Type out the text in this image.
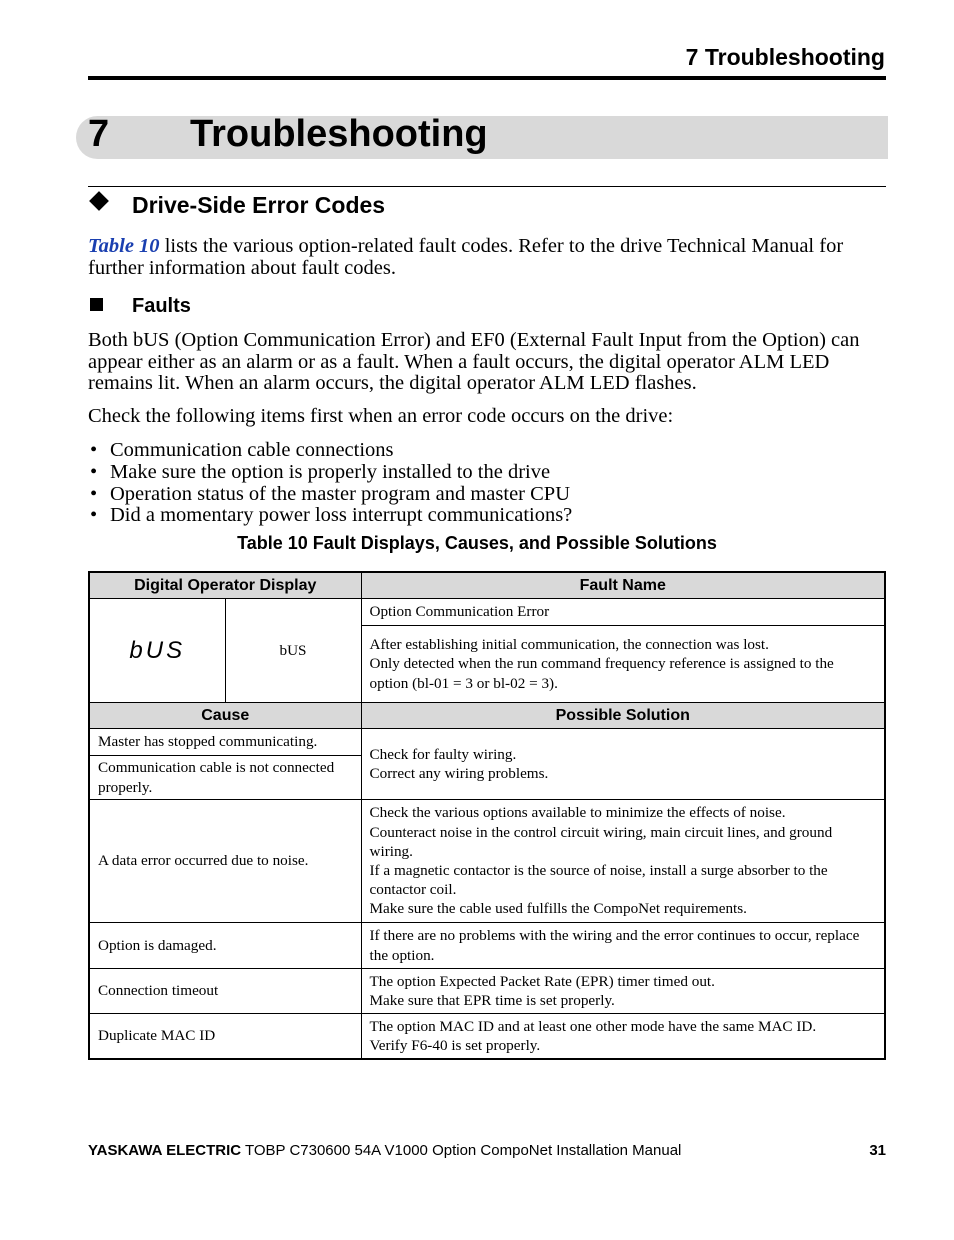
7 Troubleshooting
7 Troubleshooting
Drive-Side Error Codes
Table 10 lists the various option-related fault codes. Refer to the drive Technical Manual for further information about fault codes.
Faults
Both bUS (Option Communication Error) and EF0 (External Fault Input from the Option) can appear either as an alarm or as a fault. When a fault occurs, the digital operator ALM LED remains lit. When an alarm occurs, the digital operator ALM LED flashes.
Check the following items first when an error code occurs on the drive:
• Communication cable connections
• Make sure the option is properly installed to the drive
• Operation status of the master program and master CPU
• Did a momentary power loss interrupt communications?
Table 10 Fault Displays, Causes, and Possible Solutions
Digital Operator Display		Fault Name
bUS	bUS	Option Communication Error

		After establishing initial communication, the connection was lost.
Only detected when the run command frequency reference is assigned to the option (bl-01 = 3 or bl-02 = 3).

Cause		Possible Solution
Master has stopped communicating.		Check for faulty wiring.
Correct any wiring problems.

Communication cable is not connected properly.		
A data error occurred due to noise.		Check the various options available to minimize the effects of noise.
Counteract noise in the control circuit wiring, main circuit lines, and ground wiring.
If a magnetic contactor is the source of noise, install a surge absorber to the contactor coil.
Make sure the cable used fulfills the CompoNet requirements.

Option is damaged.		If there are no problems with the wiring and the error continues to occur, replace the option.

Connection timeout		The option Expected Packet Rate (EPR) timer timed out.
Make sure that EPR time is set properly.

Duplicate MAC ID		The option MAC ID and at least one other mode have the same MAC ID.
Verify F6-40 is set properly.
YASKAWA ELECTRIC TOBP C730600 54A V1000 Option CompoNet Installation Manual	31
